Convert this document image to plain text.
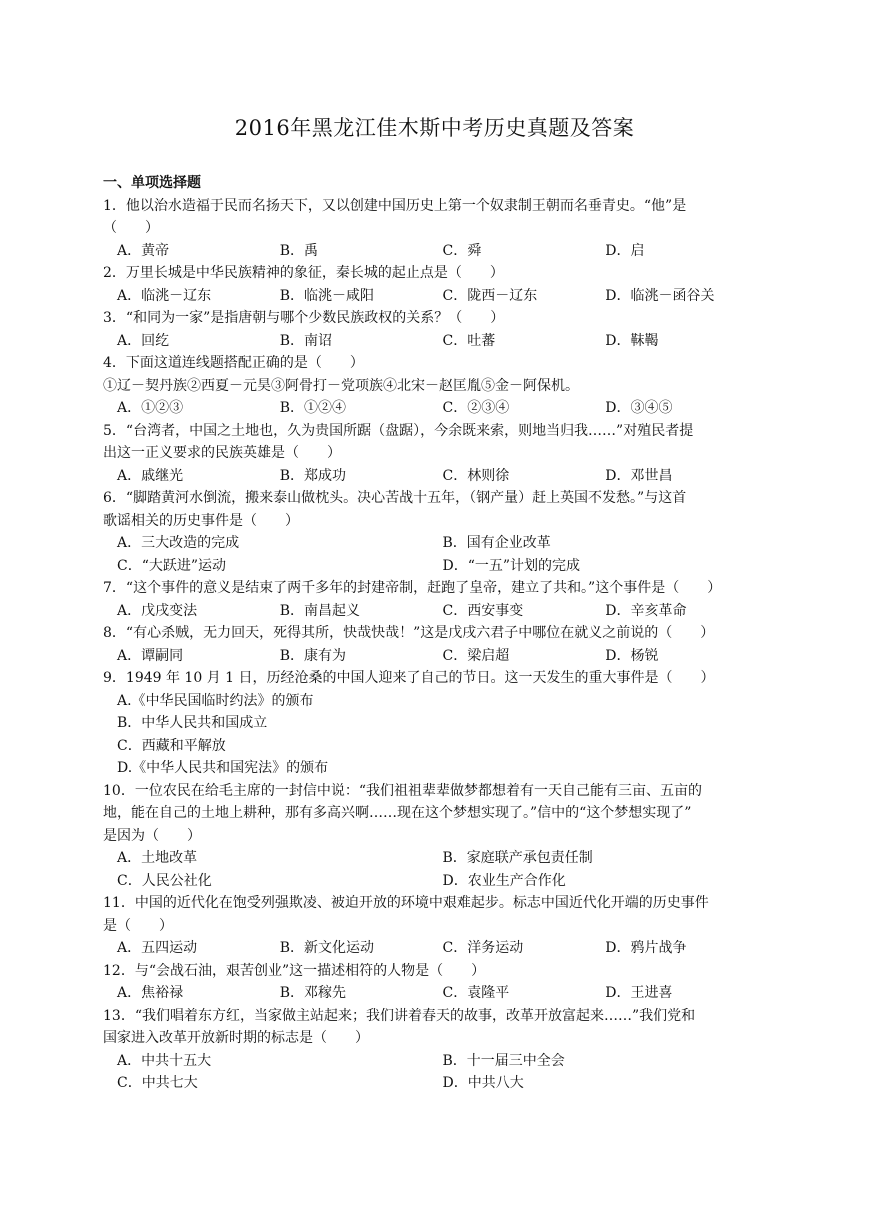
2016年黑龙江佳木斯中考历史真题及答案
一、单项选择题
1．他以治水造福于民而名扬天下，又以创建中国历史上第一个奴隶制王朝而名垂青史。“他”是
（　　）
A．黄帝	B．禹	C．舜	D．启
2．万里长城是中华民族精神的象征，秦长城的起止点是（　　）
A．临洮－辽东	B．临洮－咸阳	C．陇西－辽东	D．临洮－函谷关
3．“和同为一家”是指唐朝与哪个少数民族政权的关系？（　　）
A．回纥	B．南诏	C．吐蕃	D．靺鞨
4．下面这道连线题搭配正确的是（　　）
①辽－契丹族②西夏－元昊③阿骨打－党项族④北宋－赵匡胤⑤金－阿保机。
A．①②③	B．①②④	C．②③④	D．③④⑤
5．“台湾者，中国之土地也，久为贵国所踞（盘踞），今余既来索，则地当归我……”对殖民者提
出这一正义要求的民族英雄是（　　）
A．戚继光	B．郑成功	C．林则徐	D．邓世昌
6．“脚踏黄河水倒流，搬来泰山做枕头。决心苦战十五年，（钢产量）赶上英国不发愁。”与这首
歌谣相关的历史事件是（　　）
A．三大改造的完成	B．国有企业改革
C．“大跃进”运动	D．“一五”计划的完成
7．“这个事件的意义是结束了两千多年的封建帝制，赶跑了皇帝，建立了共和。”这个事件是（　　）
A．戊戌变法	B．南昌起义	C．西安事变	D．辛亥革命
8．“有心杀贼，无力回天，死得其所，快哉快哉！”这是戊戌六君子中哪位在就义之前说的（　　）
A．谭嗣同	B．康有为	C．梁启超	D．杨锐
9．1949 年 10 月 1 日，历经沧桑的中国人迎来了自己的节日。这一天发生的重大事件是（　　）
A.《中华民国临时约法》的颁布
B．中华人民共和国成立
C．西藏和平解放
D.《中华人民共和国宪法》的颁布
10．一位农民在给毛主席的一封信中说：“我们祖祖辈辈做梦都想着有一天自己能有三亩、五亩的
地，能在自己的土地上耕种，那有多高兴啊……现在这个梦想实现了。”信中的“这个梦想实现了”
是因为（　　）
A．土地改革	B．家庭联产承包责任制
C．人民公社化	D．农业生产合作化
11．中国的近代化在饱受列强欺凌、被迫开放的环境中艰难起步。标志中国近代化开端的历史事件
是（　　）
A．五四运动	B．新文化运动	C．洋务运动	D．鸦片战争
12．与“会战石油，艰苦创业”这一描述相符的人物是（　　）
A．焦裕禄	B．邓稼先	C．袁隆平	D．王进喜
13．“我们唱着东方红，当家做主站起来；我们讲着春天的故事，改革开放富起来……”我们党和
国家进入改革开放新时期的标志是（　　）
A．中共十五大	B．十一届三中全会
C．中共七大	D．中共八大
